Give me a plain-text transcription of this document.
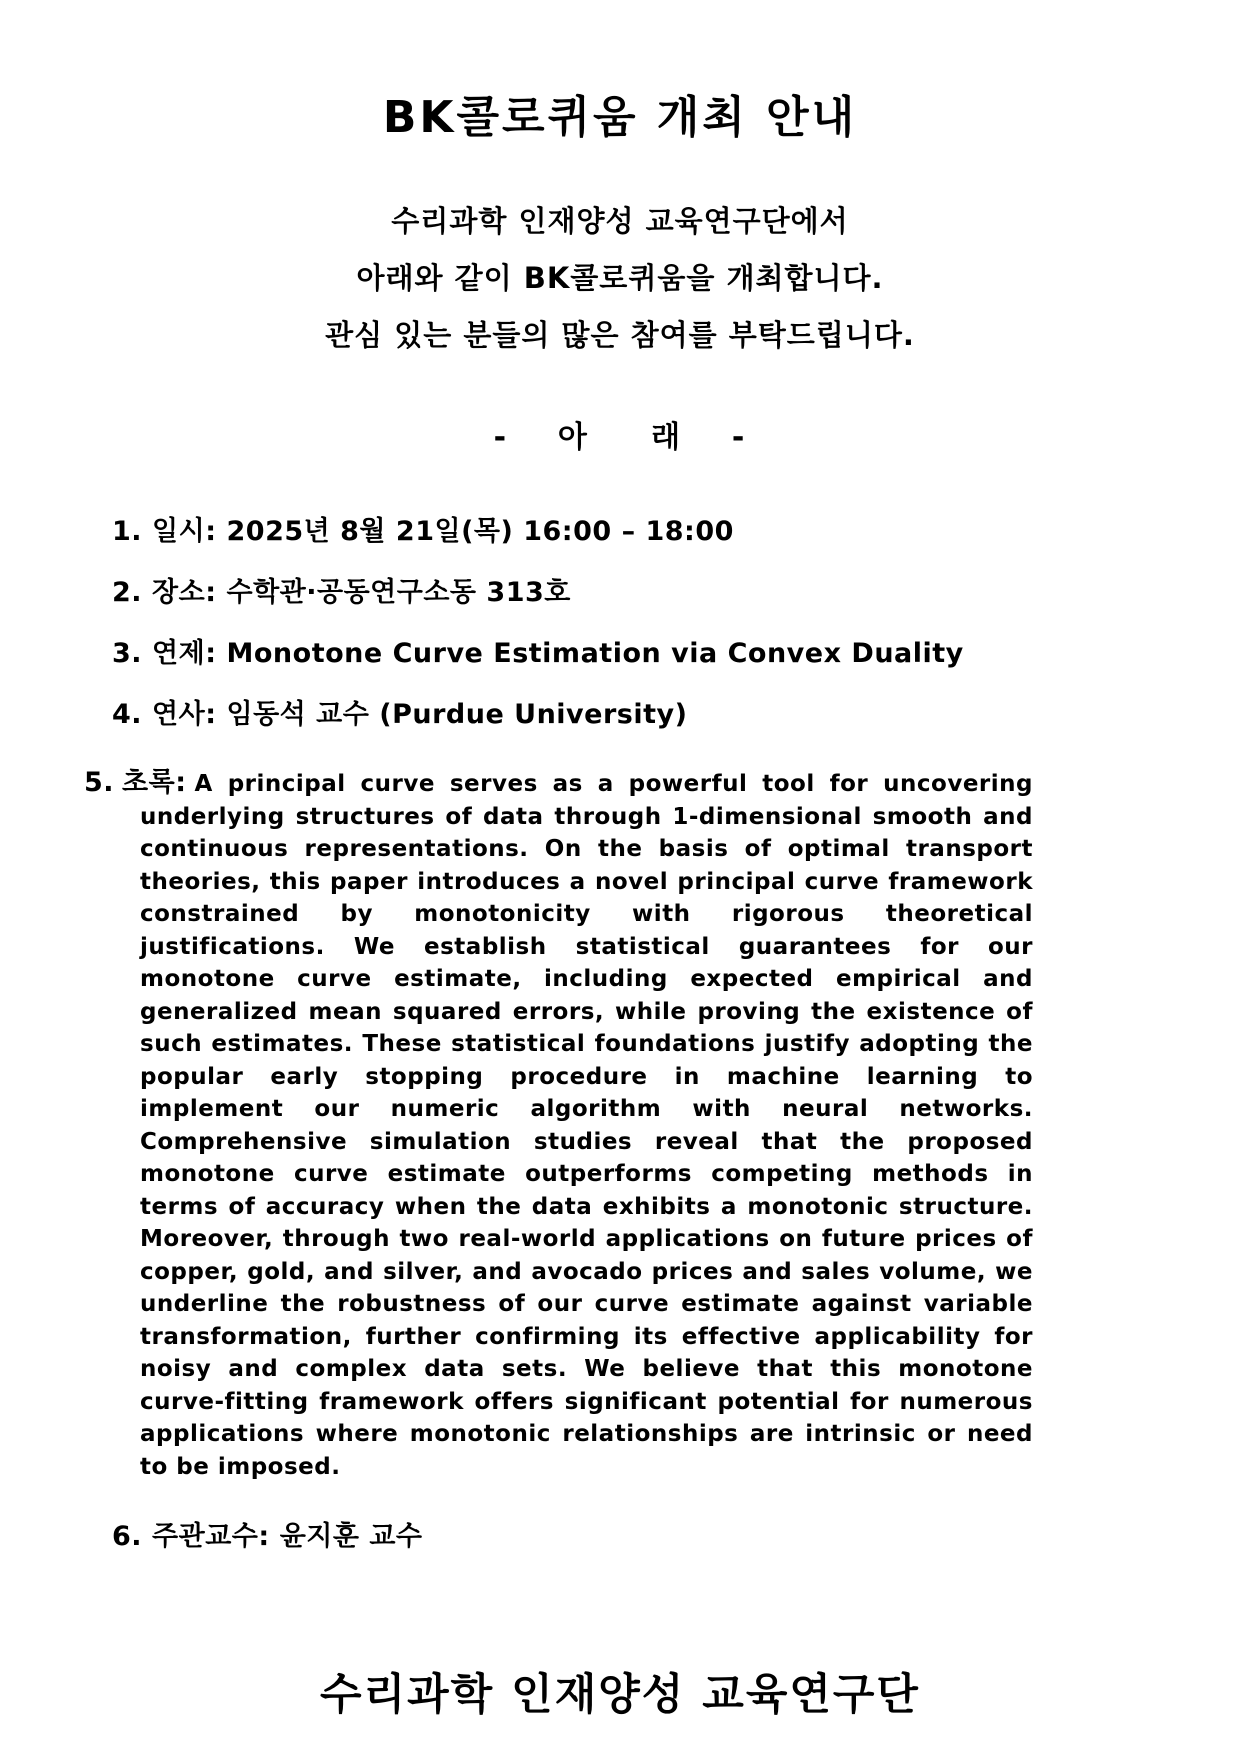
BK콜로퀴움 개최 안내
수리과학 인재양성 교육연구단에서
아래와 같이 BK콜로퀴움을 개최합니다.
관심 있는 분들의 많은 참여를 부탁드립니다.
-    아     래    -
1. 일시: 2025년 8월 21일(목) 16:00 – 18:00
2. 장소: 수학관·공동연구소동 313호
3. 연제: Monotone Curve Estimation via Convex Duality
4. 연사: 임동석 교수 (Purdue University)
5. 초록: A principal curve serves as a powerful tool for uncovering underlying structures of data through 1-dimensional smooth and continuous representations. On the basis of optimal transport theories, this paper introduces a novel principal curve framework constrained by monotonicity with rigorous theoretical justifications. We establish statistical guarantees for our monotone curve estimate, including expected empirical and generalized mean squared errors, while proving the existence of such estimates. These statistical foundations justify adopting the popular early stopping procedure in machine learning to implement our numeric algorithm with neural networks. Comprehensive simulation studies reveal that the proposed monotone curve estimate outperforms competing methods in terms of accuracy when the data exhibits a monotonic structure. Moreover, through two real-world applications on future prices of copper, gold, and silver, and avocado prices and sales volume, we underline the robustness of our curve estimate against variable transformation, further confirming its effective applicability for noisy and complex data sets. We believe that this monotone curve-fitting framework offers significant potential for numerous applications where monotonic relationships are intrinsic or need to be imposed.
6. 주관교수: 윤지훈 교수
수리과학 인재양성 교육연구단
